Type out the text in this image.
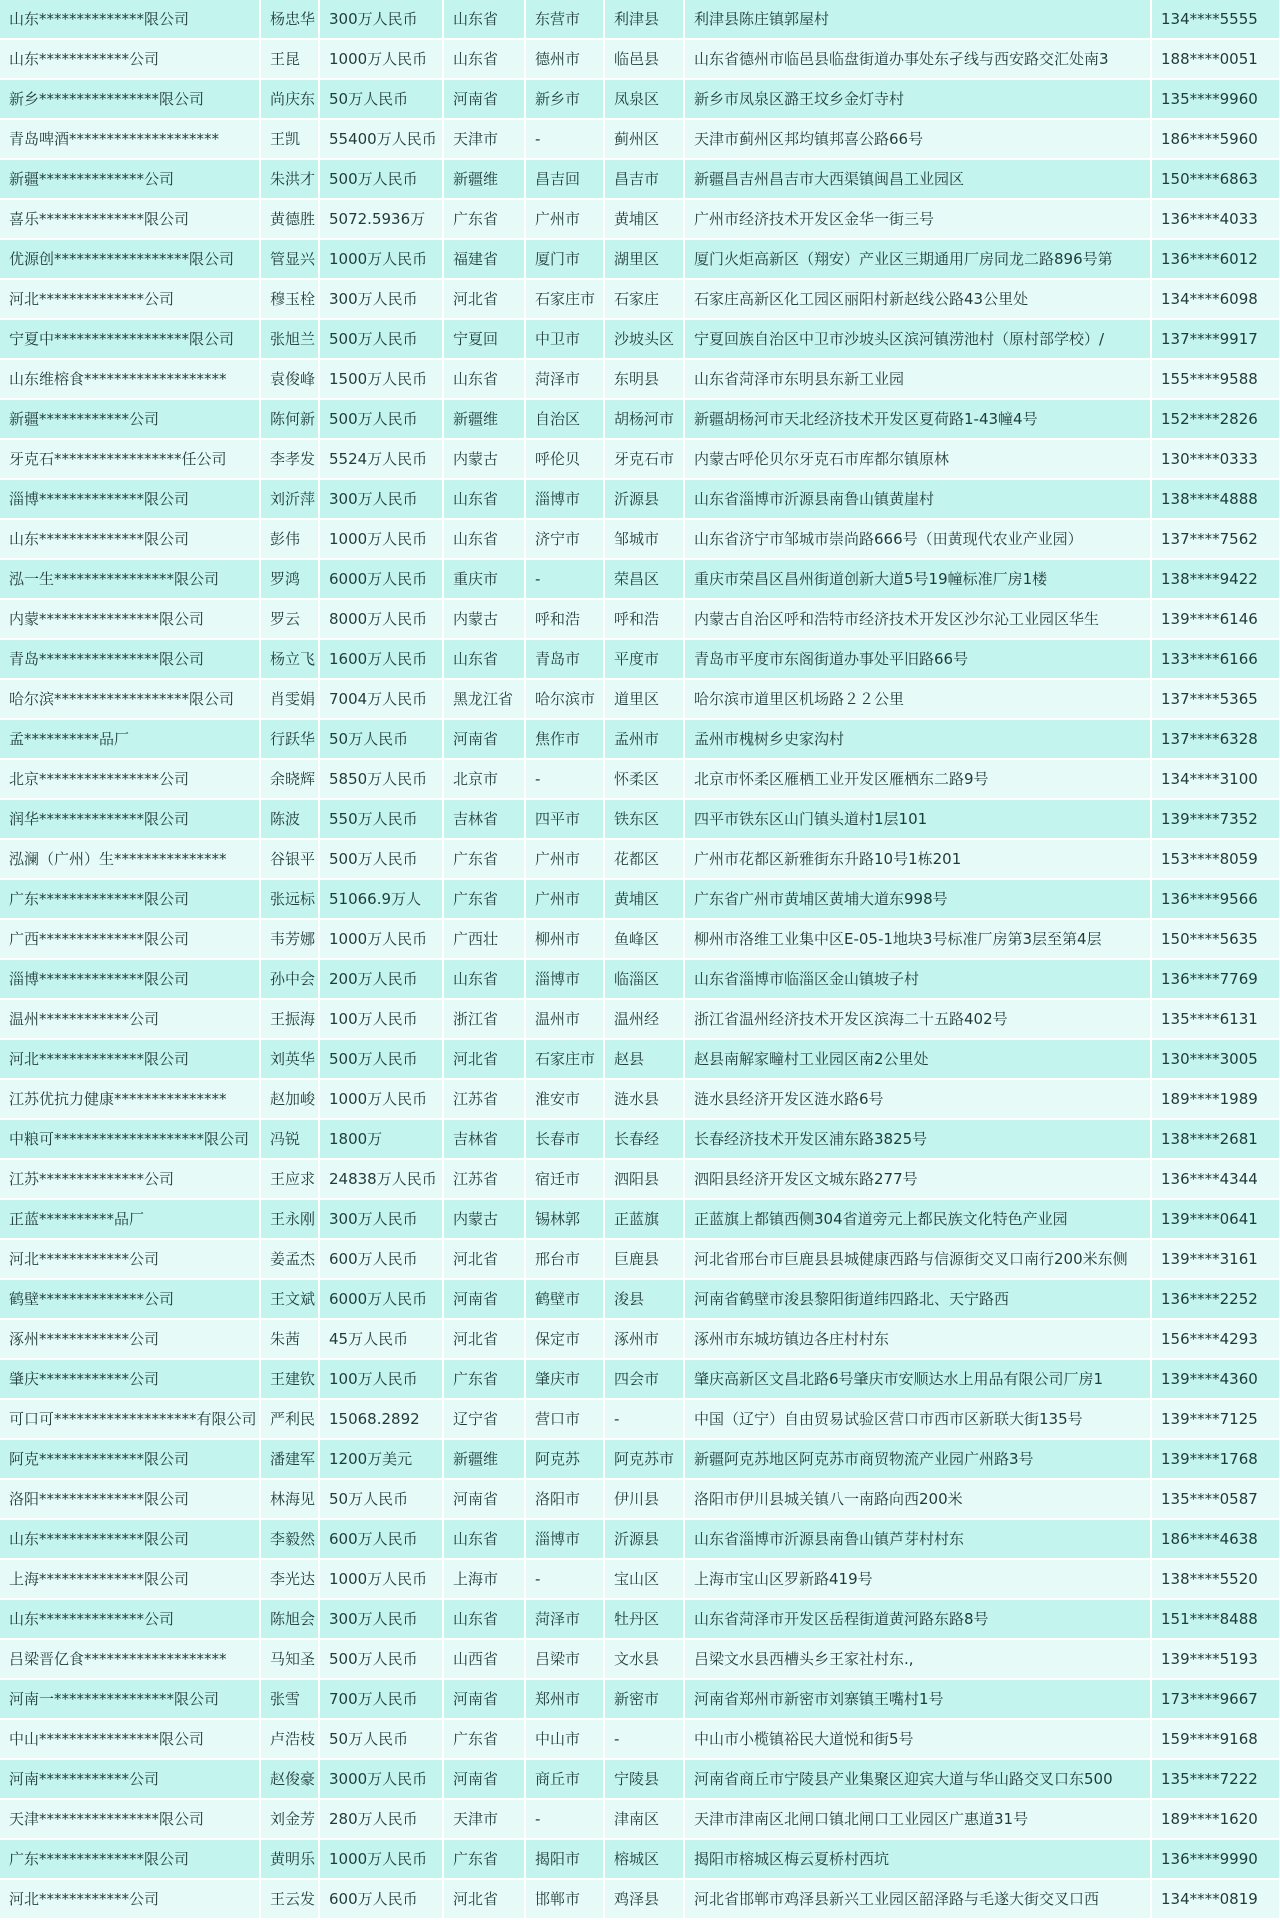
山东**************限公司	杨忠华	300万人民币	山东省	东营市	利津县	利津县陈庄镇郭屋村	134****5555
山东************公司	王昆	1000万人民币	山东省	德州市	临邑县	山东省德州市临邑县临盘街道办事处东孑线与西安路交汇处南3	188****0051
新乡****************限公司	尚庆东	50万人民币	河南省	新乡市	凤泉区	新乡市凤泉区潞王坟乡金灯寺村	135****9960
青岛啤酒********************	王凯	55400万人民币	天津市	-	蓟州区	天津市蓟州区邦均镇邦喜公路66号	186****5960
新疆**************公司	朱洪才	500万人民币	新疆维	昌吉回	昌吉市	新疆昌吉州昌吉市大西渠镇闽昌工业园区	150****6863
喜乐**************限公司	黄德胜	5072.5936万	广东省	广州市	黄埔区	广州市经济技术开发区金华一街三号	136****4033
优源创******************限公司	管显兴	1000万人民币	福建省	厦门市	湖里区	厦门火炬高新区（翔安）产业区三期通用厂房同龙二路896号第	136****6012
河北**************公司	穆玉栓	300万人民币	河北省	石家庄市	石家庄	石家庄高新区化工园区丽阳村新赵线公路43公里处	134****6098
宁夏中******************限公司	张旭兰	500万人民币	宁夏回	中卫市	沙坡头区	宁夏回族自治区中卫市沙坡头区滨河镇涝池村（原村部学校）/	137****9917
山东维榕食*******************	袁俊峰	1500万人民币	山东省	菏泽市	东明县	山东省菏泽市东明县东新工业园	155****9588
新疆************公司	陈何新	500万人民币	新疆维	自治区	胡杨河市	新疆胡杨河市天北经济技术开发区夏荷路1-43幢4号	152****2826
牙克石*****************任公司	李孝发	5524万人民币	内蒙古	呼伦贝	牙克石市	内蒙古呼伦贝尔牙克石市库都尔镇原林	130****0333
淄博**************限公司	刘沂萍	300万人民币	山东省	淄博市	沂源县	山东省淄博市沂源县南鲁山镇黄崖村	138****4888
山东**************限公司	彭伟	1000万人民币	山东省	济宁市	邹城市	山东省济宁市邹城市崇尚路666号（田黄现代农业产业园）	137****7562
泓一生****************限公司	罗鸿	6000万人民币	重庆市	-	荣昌区	重庆市荣昌区昌州街道创新大道5号19幢标准厂房1楼	138****9422
内蒙****************限公司	罗云	8000万人民币	内蒙古	呼和浩	呼和浩	内蒙古自治区呼和浩特市经济技术开发区沙尔沁工业园区华生	139****6146
青岛****************限公司	杨立飞	1600万人民币	山东省	青岛市	平度市	青岛市平度市东阁街道办事处平旧路66号	133****6166
哈尔滨******************限公司	肖雯娟	7004万人民币	黑龙江省	哈尔滨市	道里区	哈尔滨市道里区机场路２２公里	137****5365
孟**********品厂	行跃华	50万人民币	河南省	焦作市	孟州市	孟州市槐树乡史家沟村	137****6328
北京****************公司	余晓辉	5850万人民币	北京市	-	怀柔区	北京市怀柔区雁栖工业开发区雁栖东二路9号	134****3100
润华**************限公司	陈波	550万人民币	吉林省	四平市	铁东区	四平市铁东区山门镇头道村1层101	139****7352
泓澜（广州）生***************	谷银平	500万人民币	广东省	广州市	花都区	广州市花都区新雅街东升路10号1栋201	153****8059
广东**************限公司	张远标	51066.9万人	广东省	广州市	黄埔区	广东省广州市黄埔区黄埔大道东998号	136****9566
广西**************限公司	韦芳娜	1000万人民币	广西壮	柳州市	鱼峰区	柳州市洛维工业集中区E-05-1地块3号标准厂房第3层至第4层	150****5635
淄博**************限公司	孙中会	200万人民币	山东省	淄博市	临淄区	山东省淄博市临淄区金山镇坡子村	136****7769
温州************公司	王振海	100万人民币	浙江省	温州市	温州经	浙江省温州经济技术开发区滨海二十五路402号	135****6131
河北**************限公司	刘英华	500万人民币	河北省	石家庄市	赵县	赵县南解家疃村工业园区南2公里处	130****3005
江苏优抗力健康***************	赵加峻	1000万人民币	江苏省	淮安市	涟水县	涟水县经济开发区涟水路6号	189****1989
中粮可********************限公司	冯锐	1800万	吉林省	长春市	长春经	长春经济技术开发区浦东路3825号	138****2681
江苏**************公司	王应求	24838万人民币	江苏省	宿迁市	泗阳县	泗阳县经济开发区文城东路277号	136****4344
正蓝**********品厂	王永刚	300万人民币	内蒙古	锡林郭	正蓝旗	正蓝旗上都镇西侧304省道旁元上都民族文化特色产业园	139****0641
河北************公司	姜孟杰	600万人民币	河北省	邢台市	巨鹿县	河北省邢台市巨鹿县县城健康西路与信源街交叉口南行200米东侧	139****3161
鹤壁**************公司	王文斌	6000万人民币	河南省	鹤壁市	浚县	河南省鹤壁市浚县黎阳街道纬四路北、天宁路西	136****2252
涿州************公司	朱茜	45万人民币	河北省	保定市	涿州市	涿州市东城坊镇边各庄村村东	156****4293
肇庆************公司	王建钦	100万人民币	广东省	肇庆市	四会市	肇庆高新区文昌北路6号肇庆市安顺达水上用品有限公司厂房1	139****4360
可口可*******************有限公司	严利民	15068.2892	辽宁省	营口市	-	中国（辽宁）自由贸易试验区营口市西市区新联大街135号	139****7125
阿克**************限公司	潘建军	1200万美元	新疆维	阿克苏	阿克苏市	新疆阿克苏地区阿克苏市商贸物流产业园广州路3号	139****1768
洛阳**************限公司	林海见	50万人民币	河南省	洛阳市	伊川县	洛阳市伊川县城关镇八一南路向西200米	135****0587
山东**************限公司	李毅然	600万人民币	山东省	淄博市	沂源县	山东省淄博市沂源县南鲁山镇芦芽村村东	186****4638
上海**************限公司	李光达	1000万人民币	上海市	-	宝山区	上海市宝山区罗新路419号	138****5520
山东**************公司	陈旭会	300万人民币	山东省	菏泽市	牡丹区	山东省菏泽市开发区岳程街道黄河路东路8号	151****8488
吕梁晋亿食*******************	马知圣	500万人民币	山西省	吕梁市	文水县	吕梁文水县西槽头乡王家社村东.,	139****5193
河南一****************限公司	张雪	700万人民币	河南省	郑州市	新密市	河南省郑州市新密市刘寨镇王嘴村1号	173****9667
中山****************限公司	卢浩枝	50万人民币	广东省	中山市	-	中山市小榄镇裕民大道悦和街5号	159****9168
河南************公司	赵俊豪	3000万人民币	河南省	商丘市	宁陵县	河南省商丘市宁陵县产业集聚区迎宾大道与华山路交叉口东500	135****7222
天津****************限公司	刘金芳	280万人民币	天津市	-	津南区	天津市津南区北闸口镇北闸口工业园区广惠道31号	189****1620
广东**************限公司	黄明乐	1000万人民币	广东省	揭阳市	榕城区	揭阳市榕城区梅云夏桥村西坑	136****9990
河北************公司	王云发	600万人民币	河北省	邯郸市	鸡泽县	河北省邯郸市鸡泽县新兴工业园区韶泽路与毛遂大街交叉口西	134****0819
